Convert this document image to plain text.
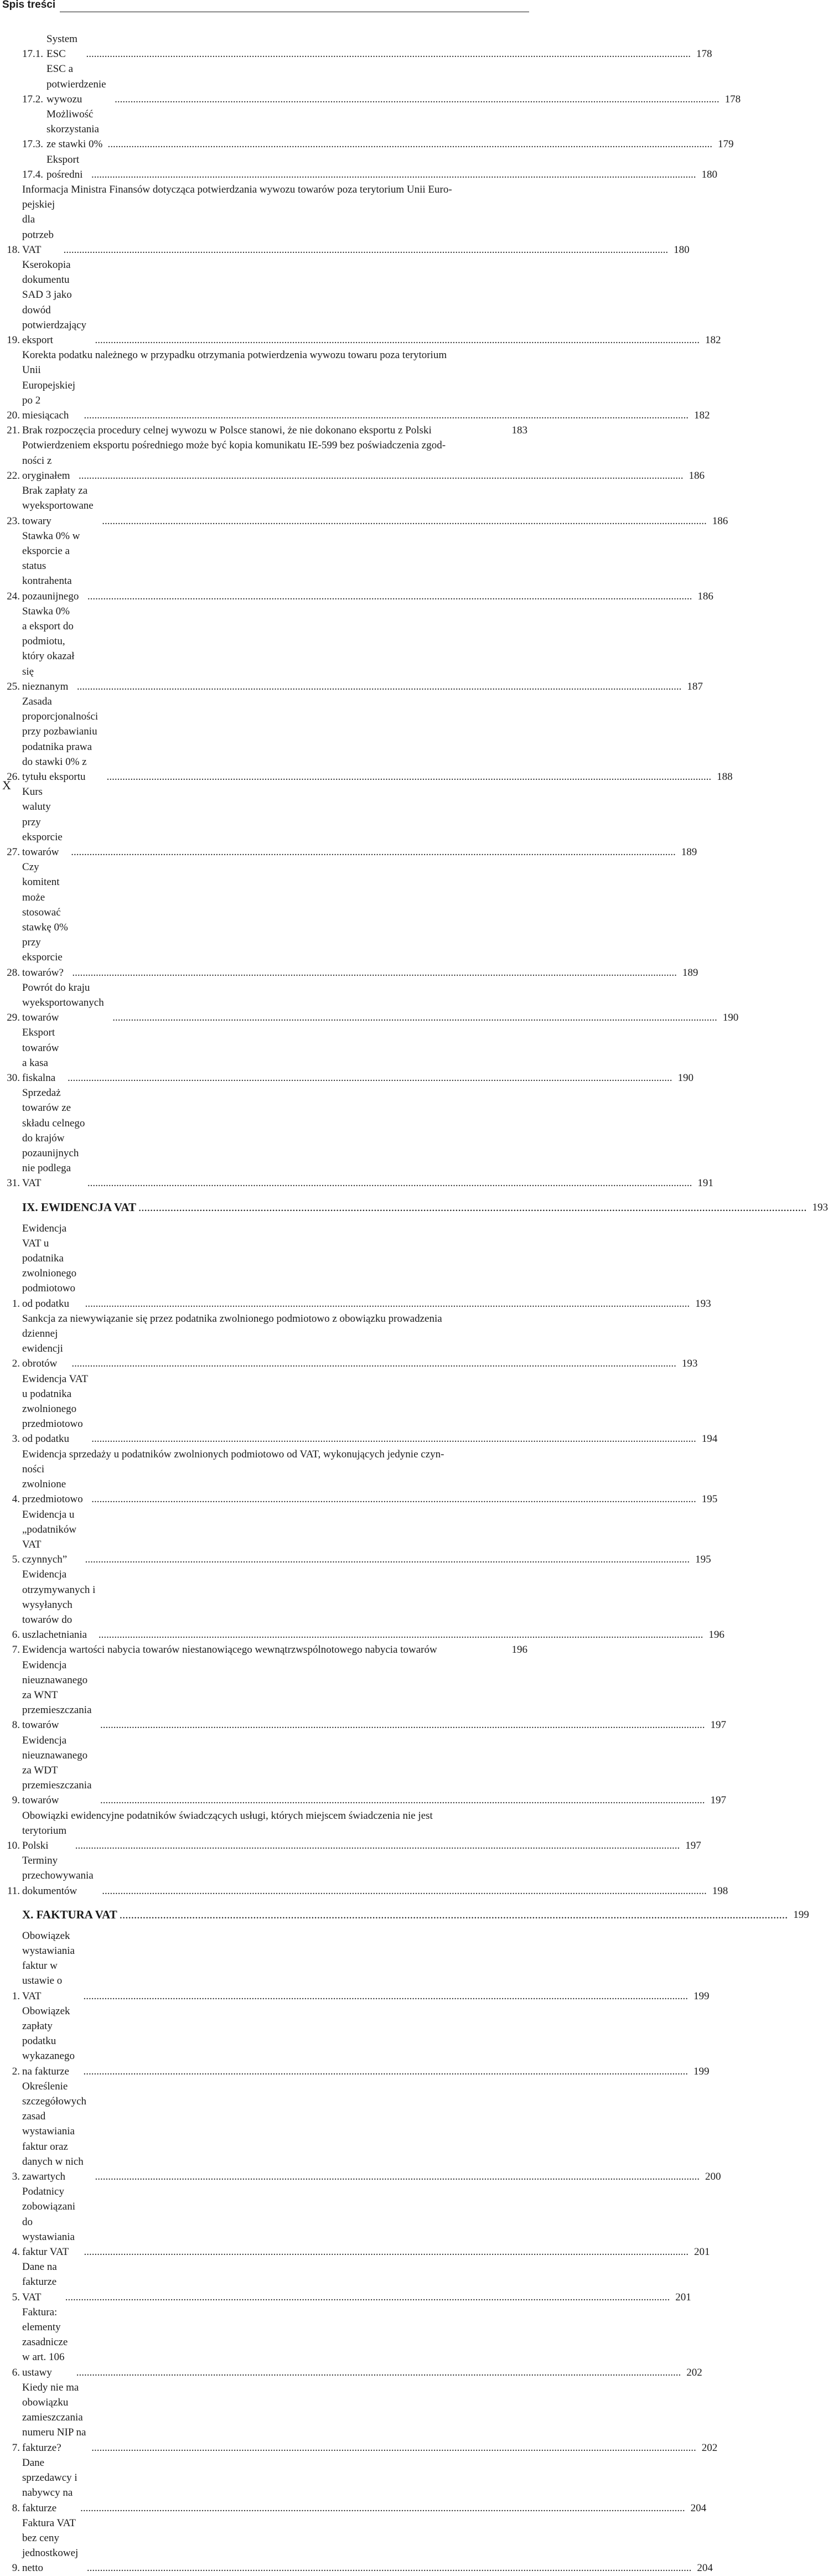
Spis treści
17.1.
System ESC .....	178
17.2.
ESC a potwierdzenie wywozu .....	178
17.3.
Możliwość skorzystania ze stawki 0% .....	179
17.4.
Eksport pośredni .....	180
18.
Informacja Ministra Finansów dotycząca potwierdzania wywozu towarów poza terytorium Unii Euro-
pejskiej dla potrzeb VAT .....	180
19.
Kserokopia dokumentu SAD 3 jako dowód potwierdzający eksport .....	182
20.
Korekta podatku należnego w przypadku otrzymania potwierdzenia wywozu towaru poza terytorium
Unii Europejskiej po 2 miesiącach .....	182
21. Brak rozpoczęcia procedury celnej wywozu w Polsce stanowi, że nie dokonano eksportu z Polski	183
22.
Potwierdzeniem eksportu pośredniego może być kopia komunikatu IE-599 bez poświadczenia zgod-
ności z oryginałem .....	186
23.
Brak zapłaty za wyeksportowane towary .....	186
24.
Stawka 0% w eksporcie a status kontrahenta pozaunijnego .....	186
25.
Stawka 0% a eksport do podmiotu, który okazał się nieznanym .....	187
26.
Zasada proporcjonalności przy pozbawianiu podatnika prawa do stawki 0% z tytułu eksportu .....	188
27.
Kurs waluty przy eksporcie towarów .....	189
28.
Czy komitent może stosować stawkę 0% przy eksporcie towarów? .....	189
29.
Powrót do kraju wyeksportowanych towarów .....	190
30.
Eksport towarów a kasa fiskalna .....	190
31.
Sprzedaż towarów ze składu celnego do krajów pozaunijnych nie podlega VAT .....	191
IX. EWIDENCJA VAT .....	193
1.
Ewidencja VAT u podatnika zwolnionego podmiotowo od podatku .....	193
2.
Sankcja za niewywiązanie się przez podatnika zwolnionego podmiotowo z obowiązku prowadzenia
dziennej ewidencji obrotów .....	193
3.
Ewidencja VAT u podatnika zwolnionego przedmiotowo od podatku .....	194
4.
Ewidencja sprzedaży u podatników zwolnionych podmiotowo od VAT, wykonujących jedynie czyn-
ności zwolnione przedmiotowo .....	195
5.
Ewidencja u „podatników VAT czynnych” .....	195
6.
Ewidencja otrzymywanych i wysyłanych towarów do uszlachetniania .....	196
7. Ewidencja wartości nabycia towarów niestanowiącego wewnątrzwspólnotowego nabycia towarów	196
8.
Ewidencja nieuznawanego za WNT przemieszczania towarów .....	197
9.
Ewidencja nieuznawanego za WDT przemieszczania towarów .....	197
10.
Obowiązki ewidencyjne podatników świadczących usługi, których miejscem świadczenia nie jest
terytorium Polski .....	197
11.
Terminy przechowywania dokumentów .....	198
X. FAKTURA VAT .....	199
1.
Obowiązek wystawiania faktur w ustawie o VAT .....	199
2.
Obowiązek zapłaty podatku wykazanego na fakturze .....	199
3.
Określenie szczegółowych zasad wystawiania faktur oraz danych w nich zawartych .....	200
4.
Podatnicy zobowiązani do wystawiania faktur VAT .....	201
5.
Dane na fakturze VAT .....	201
6.
Faktura: elementy zasadnicze w art. 106 ustawy .....	202
7.
Kiedy nie ma obowiązku zamieszczania numeru NIP na fakturze? .....	202
8.
Dane sprzedawcy i nabywcy na fakturze .....	204
9.
Faktura VAT bez ceny jednostkowej netto .....	204
X
